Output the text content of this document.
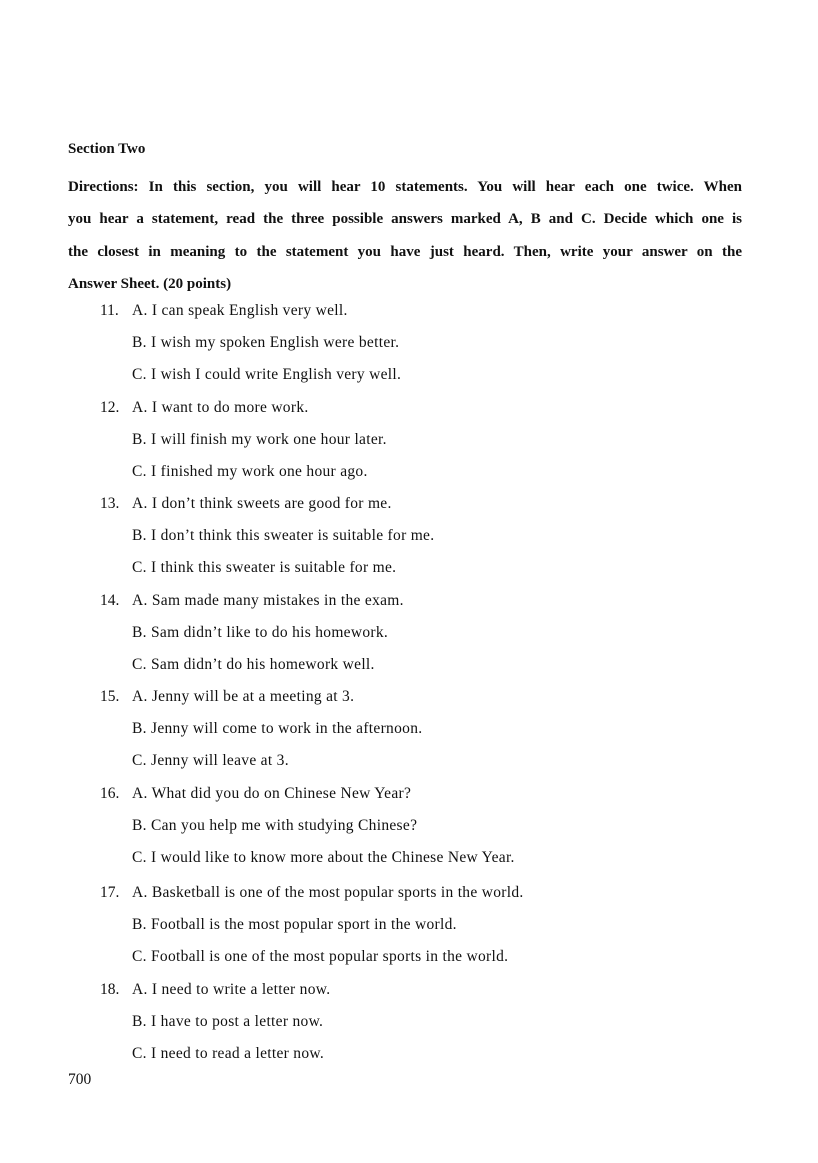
Section Two
Directions: In this section, you will hear 10 statements. You will hear each one twice. When
you hear a statement, read the three possible answers marked A, B and C. Decide which one is
the closest in meaning to the statement you have just heard. Then, write your answer on the
Answer Sheet. (20 points)
11. A. I can speak English very well.
B. I wish my spoken English were better.
C. I wish I could write English very well.
12. A. I want to do more work.
B. I will finish my work one hour later.
C. I finished my work one hour ago.
13. A. I don’t think sweets are good for me.
B. I don’t think this sweater is suitable for me.
C. I think this sweater is suitable for me.
14. A. Sam made many mistakes in the exam.
B. Sam didn’t like to do his homework.
C. Sam didn’t do his homework well.
15. A. Jenny will be at a meeting at 3.
B. Jenny will come to work in the afternoon.
C. Jenny will leave at 3.
16. A. What did you do on Chinese New Year?
B. Can you help me with studying Chinese?
C. I would like to know more about the Chinese New Year.
17. A. Basketball is one of the most popular sports in the world.
B. Football is the most popular sport in the world.
C. Football is one of the most popular sports in the world.
18. A. I need to write a letter now.
B. I have to post a letter now.
C. I need to read a letter now.
700
